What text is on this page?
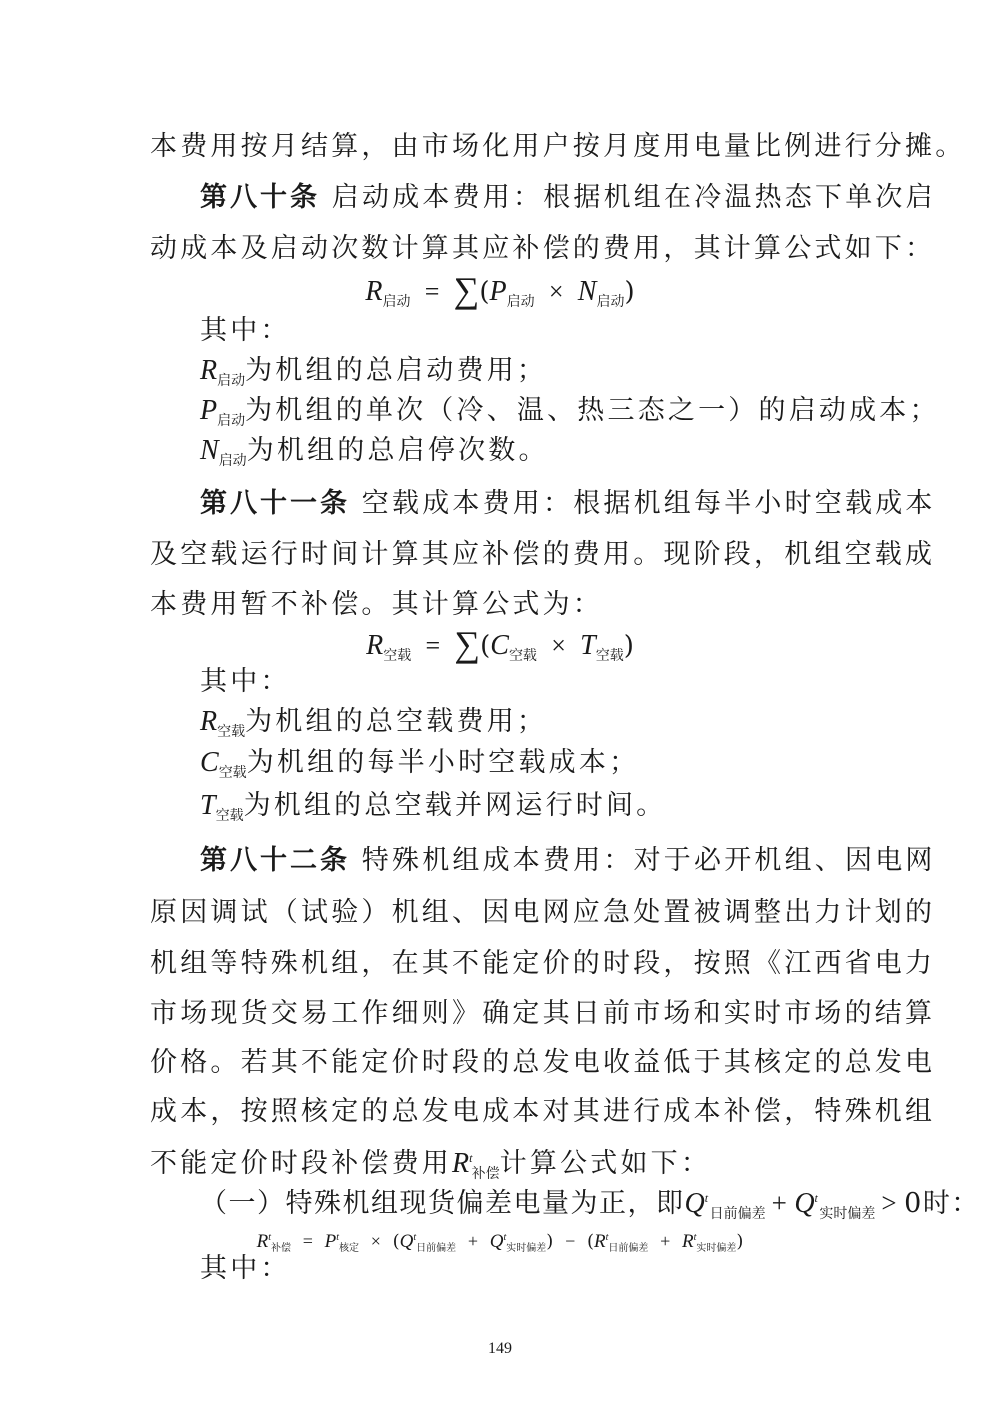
本费用按月结算，由市场化用户按月度用电量比例进行分摊。
第八十条 启动成本费用：根据机组在冷温热态下单次启
动成本及启动次数计算其应补偿的费用，其计算公式如下：
$R_{启动} = \sum(P_{启动} \times N_{启动})$
其中：
$R_{启动}$为机组的总启动费用；
$P_{启动}$为机组的单次（冷、温、热三态之一）的启动成本；
$N_{启动}$为机组的总启停次数。
第八十一条 空载成本费用：根据机组每半小时空载成本
及空载运行时间计算其应补偿的费用。现阶段，机组空载成
本费用暂不补偿。其计算公式为：
$R_{空载} = \sum(C_{空载} \times T_{空载})$
其中：
$R_{空载}$为机组的总空载费用；
$C_{空载}$为机组的每半小时空载成本；
$T_{空载}$为机组的总空载并网运行时间。
第八十二条 特殊机组成本费用：对于必开机组、因电网
原因调试（试验）机组、因电网应急处置被调整出力计划的
机组等特殊机组，在其不能定价的时段，按照《江西省电力
市场现货交易工作细则》确定其日前市场和实时市场的结算
价格。若其不能定价时段的总发电收益低于其核定的总发电
成本，按照核定的总发电成本对其进行成本补偿，特殊机组
不能定价时段补偿费用$R^t_{补偿}$计算公式如下：
（一）特殊机组现货偏差电量为正，即$Q^t_{日前偏差} + Q^t_{实时偏差} > 0$时：
$R^t_{补偿} = P^t_{核定} \times (Q^t_{日前偏差} + Q^t_{实时偏差}) - (R^t_{日前偏差} + R^t_{实时偏差})$
其中：
149
